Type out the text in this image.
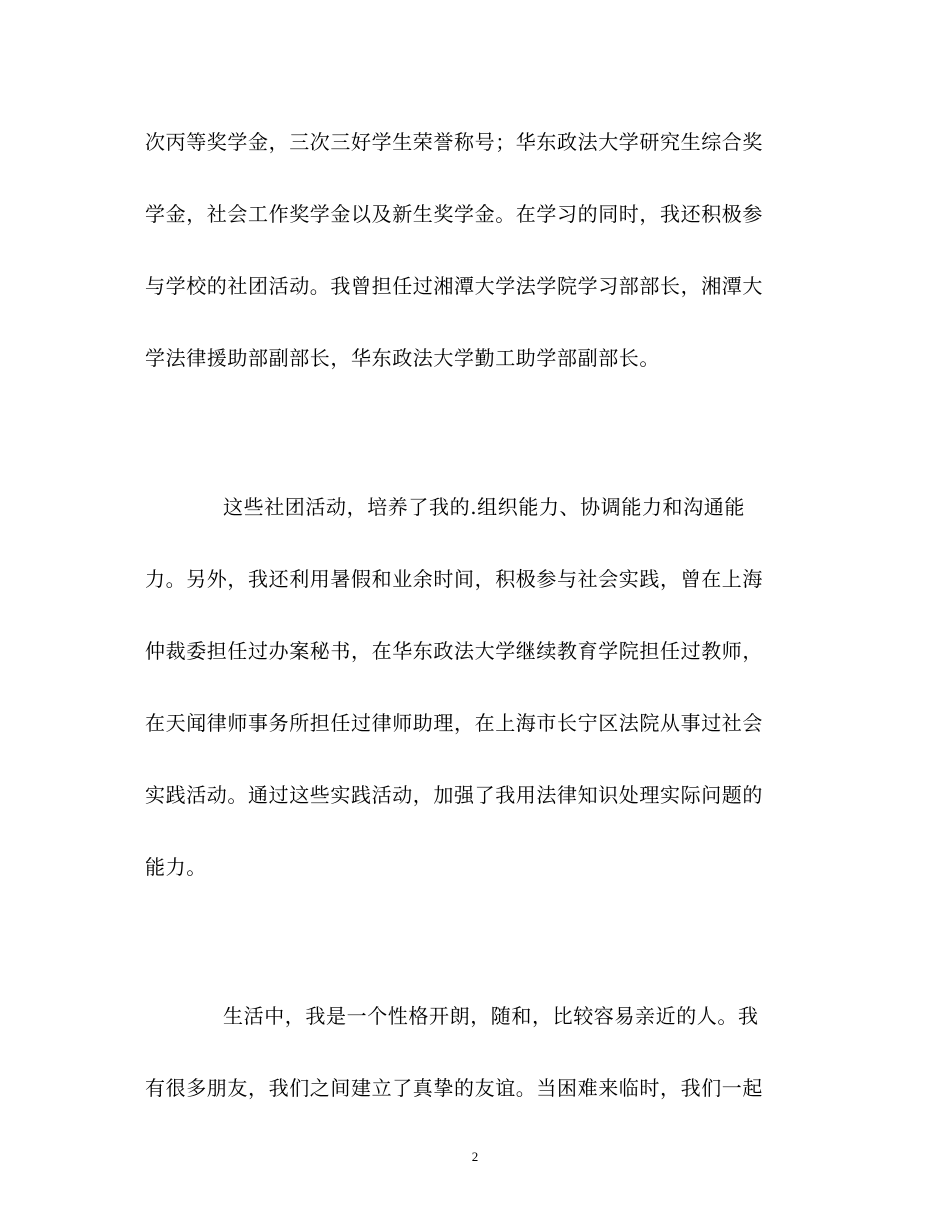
次丙等奖学金，三次三好学生荣誉称号；华东政法大学研究生综合奖
学金，社会工作奖学金以及新生奖学金。在学习的同时，我还积极参
与学校的社团活动。我曾担任过湘潭大学法学院学习部部长，湘潭大
学法律援助部副部长，华东政法大学勤工助学部副部长。
这些社团活动，培养了我的.组织能力、协调能力和沟通能
力。另外，我还利用暑假和业余时间，积极参与社会实践，曾在上海
仲裁委担任过办案秘书，在华东政法大学继续教育学院担任过教师，
在天闻律师事务所担任过律师助理，在上海市长宁区法院从事过社会
实践活动。通过这些实践活动，加强了我用法律知识处理实际问题的
能力。
生活中，我是一个性格开朗，随和，比较容易亲近的人。我
有很多朋友，我们之间建立了真挚的友谊。当困难来临时，我们一起
2
